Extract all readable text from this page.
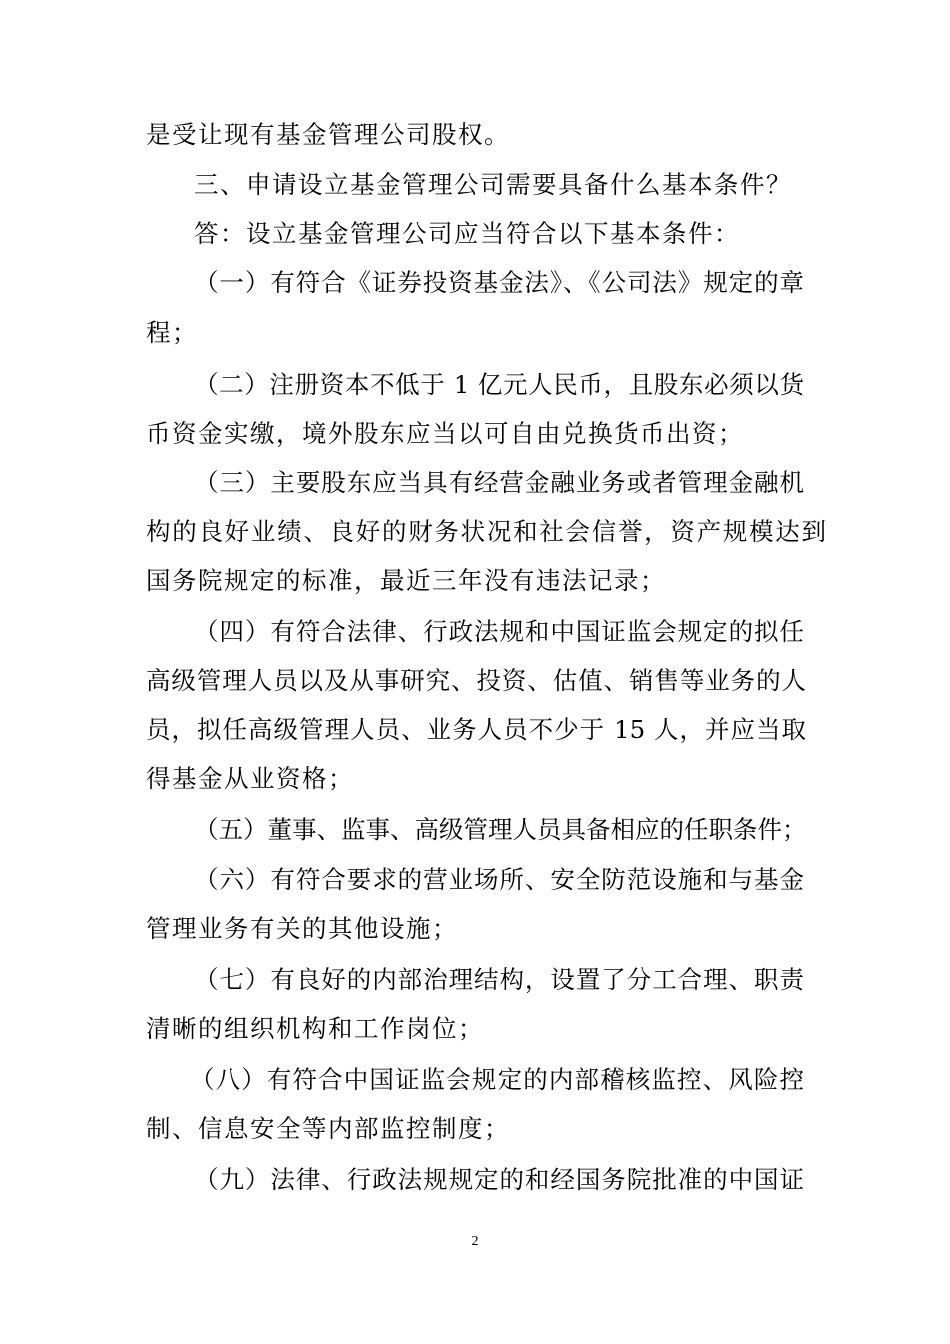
是受让现有基金管理公司股权。
三、申请设立基金管理公司需要具备什么基本条件？
答：设立基金管理公司应当符合以下基本条件：
（一）有符合《证券投资基金法》、《公司法》规定的章
程；
（二）注册资本不低于 1 亿元人民币，且股东必须以货
币资金实缴，境外股东应当以可自由兑换货币出资；
（三）主要股东应当具有经营金融业务或者管理金融机
构的良好业绩、良好的财务状况和社会信誉，资产规模达到
国务院规定的标准，最近三年没有违法记录；
（四）有符合法律、行政法规和中国证监会规定的拟任
高级管理人员以及从事研究、投资、估值、销售等业务的人
员，拟任高级管理人员、业务人员不少于 15 人，并应当取
得基金从业资格；
（五）董事、监事、高级管理人员具备相应的任职条件；
（六）有符合要求的营业场所、安全防范设施和与基金
管理业务有关的其他设施；
（七）有良好的内部治理结构，设置了分工合理、职责
清晰的组织机构和工作岗位；
（八）有符合中国证监会规定的内部稽核监控、风险控
制、信息安全等内部监控制度；
（九）法律、行政法规规定的和经国务院批准的中国证
2
